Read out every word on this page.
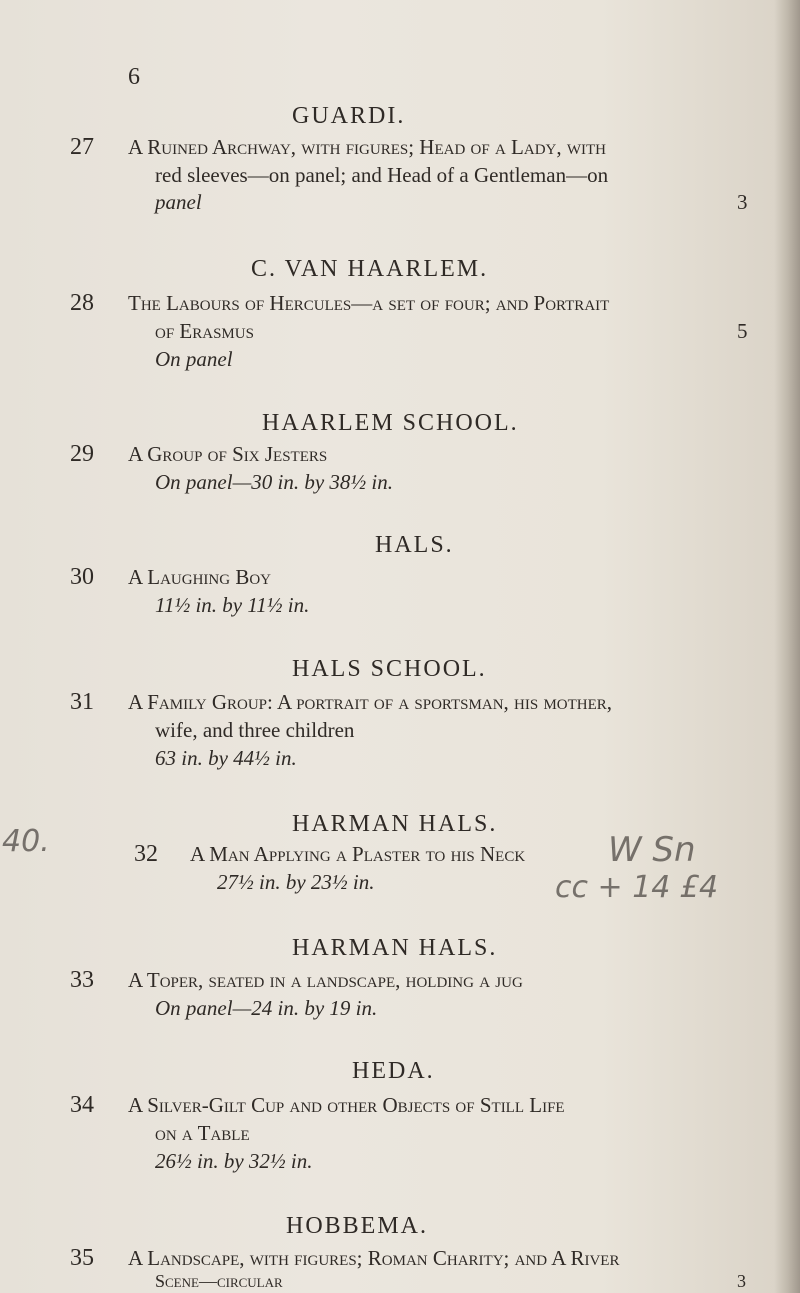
6
GUARDI.
27 A Ruined Archway, with figures; Head of a Lady, with
red sleeves—on panel; and Head of a Gentleman—on
panel	3
C. VAN HAARLEM.
28 The Labours of Hercules—a set of four; and Portrait
of Erasmus	5
On panel
HAARLEM SCHOOL.
29 A Group of Six Jesters
On panel—30 in. by 38½ in.
HALS.
30 A Laughing Boy
11½ in. by 11½ in.
HALS SCHOOL.
31 A Family Group: A portrait of a sportsman, his mother,
wife, and three children
63 in. by 44½ in.
HARMAN HALS.
40.	32 A Man Applying a Plaster to his Neck
27½ in. by 23½ in.
W Sn
cc + 14 £4
HARMAN HALS.
33 A Toper, seated in a landscape, holding a jug
On panel—24 in. by 19 in.
HEDA.
34 A Silver-Gilt Cup and other Objects of Still Life
on a Table
26½ in. by 32½ in.
HOBBEMA.
35 A Landscape, with figures; Roman Charity; and A River
Scene—circular	3
